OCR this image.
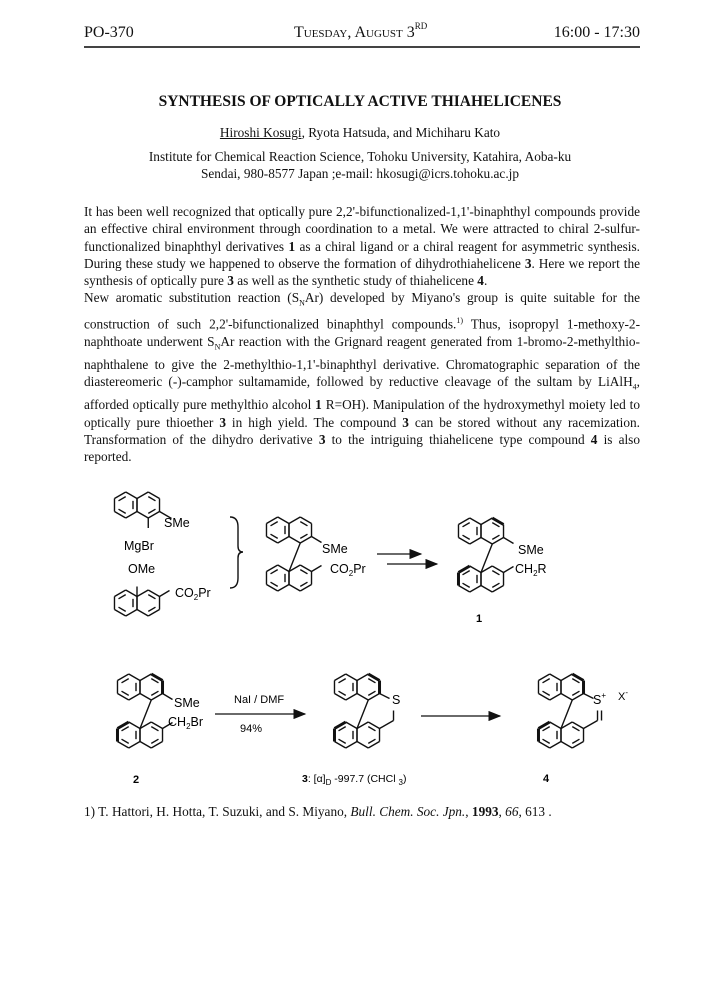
PO-370	Tuesday, August 3RD	16:00 - 17:30
SYNTHESIS OF OPTICALLY ACTIVE THIAHELICENES
Hiroshi Kosugi, Ryota Hatsuda, and Michiharu Kato
Institute for Chemical Reaction Science, Tohoku University, Katahira, Aoba-ku
Sendai, 980-8577 Japan ;e-mail: hkosugi@icrs.tohoku.ac.jp

It has been well recognized that optically pure 2,2'-bifunctionalized-1,1'-binaphthyl compounds provide an effective chiral environment through coordination to a metal. We were attracted to chiral 2-sulfur-functionalized binaphthyl derivatives 1 as a chiral ligand or a chiral reagent for asymmetric synthesis. During these study we happened to observe the formation of dihydrothiahelicene 3. Here we report the synthesis of optically pure 3 as well as the synthetic study of thiahelicene 4.

New aromatic substitution reaction $(S_NAr)$ developed by Miyano's group is quite suitable for the construction of such 2,2'-bifunctionalized binaphthyl compounds.$^{1)}$ Thus, isopropyl 1-methoxy-2-naphthoate underwent $S_NAr$ reaction with the Grignard reagent generated from 1-bromo-2-methylthio-naphthalene to give the 2-methylthio-1,1'-binaphthyl derivative. Chromatographic separation of the diastereomeric (-)-camphor sultamamide, followed by reductive cleavage of the sultam by LiAlH$_4$, afforded optically pure methylthio alcohol 1 R=OH). Manipulation of the hydroxymethyl moiety led to optically pure thioether 3 in high yield. The compound 3 can be stored without any racemization. Transformation of the dihydro derivative 3 to the intriguing thiahelicene type compound 4 is also reported.

SMe
MgBr
OMe
$CO_2Pr$
SMe
$CO_2Pr$
SMe
$CH_2R$
1
SMe
$CH_2Br$
2
NaI / DMF
94%
S
3: $[\alpha]_D$ -997.7 (CHCl $_3$)
S+ X-
4
1) T. Hattori, H. Hotta, T. Suzuki, and S. Miyano, Bull. Chem. Soc. Jpn., 1993, 66, 613 .
